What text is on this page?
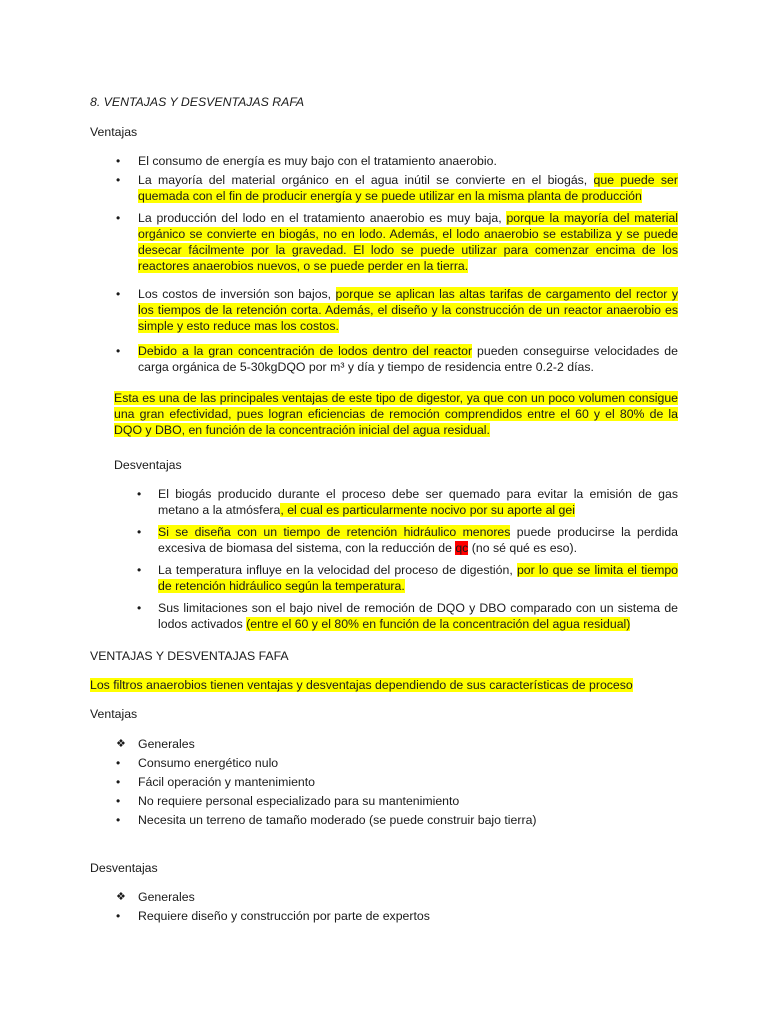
8. VENTAJAS Y DESVENTAJAS RAFA
Ventajas
• El consumo de energía es muy bajo con el tratamiento anaerobio.
• La mayoría del material orgánico en el agua inútil se convierte en el biogás, que puede ser quemada con el fin de producir energía y se puede utilizar en la misma planta de producción
• La producción del lodo en el tratamiento anaerobio es muy baja, porque la mayoría del material orgánico se convierte en biogás, no en lodo. Además, el lodo anaerobio se estabiliza y se puede desecar fácilmente por la gravedad. El lodo se puede utilizar para comenzar encima de los reactores anaerobios nuevos, o se puede perder en la tierra.
• Los costos de inversión son bajos, porque se aplican las altas tarifas de cargamento del rector y los tiempos de la retención corta. Además, el diseño y la construcción de un reactor anaerobio es simple y esto reduce mas los costos.
• Debido a la gran concentración de lodos dentro del reactor pueden conseguirse velocidades de carga orgánica de 5-30kgDQO por m³ y día y tiempo de residencia entre 0.2-2 días.
Esta es una de las principales ventajas de este tipo de digestor, ya que con un poco volumen consigue una gran efectividad, pues logran eficiencias de remoción comprendidos entre el 60 y el 80% de la DQO y DBO, en función de la concentración inicial del agua residual.
Desventajas
• El biogás producido durante el proceso debe ser quemado para evitar la emisión de gas metano a la atmósfera, el cual es particularmente nocivo por su aporte al gei
• Si se diseña con un tiempo de retención hidráulico menores puede producirse la perdida excesiva de biomasa del sistema, con la reducción de qc (no sé qué es eso).
• La temperatura influye en la velocidad del proceso de digestión, por lo que se limita el tiempo de retención hidráulico según la temperatura.
• Sus limitaciones son el bajo nivel de remoción de DQO y DBO comparado con un sistema de lodos activados (entre el 60 y el 80% en función de la concentración del agua residual)
VENTAJAS Y DESVENTAJAS FAFA
Los filtros anaerobios tienen ventajas y desventajas dependiendo de sus características de proceso
Ventajas
❖ Generales
• Consumo energético nulo
• Fácil operación y mantenimiento
• No requiere personal especializado para su mantenimiento
• Necesita un terreno de tamaño moderado (se puede construir bajo tierra)
Desventajas
❖ Generales
• Requiere diseño y construcción por parte de expertos
